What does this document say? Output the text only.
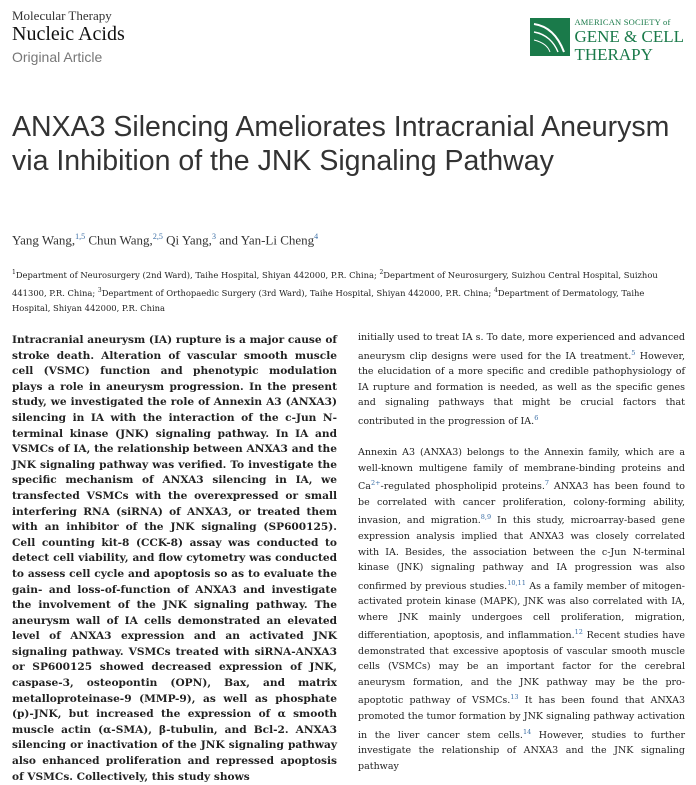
Molecular Therapy
Nucleic Acids
Original Article
AMERICAN SOCIETY of
GENE & CELL
THERAPY
ANXA3 Silencing Ameliorates Intracranial Aneurysm via Inhibition of the JNK Signaling Pathway
Yang Wang,$^{1,5}$ Chun Wang,$^{2,5}$ Qi Yang,$^3$ and Yan-Li Cheng$^4$
$^1$Department of Neurosurgery (2nd Ward), Taihe Hospital, Shiyan 442000, P.R. China; $^2$Department of Neurosurgery, Suizhou Central Hospital, Suizhou 441300, P.R. China; $^3$Department of Orthopaedic Surgery (3rd Ward), Taihe Hospital, Shiyan 442000, P.R. China; $^4$Department of Dermatology, Taihe Hospital, Shiyan 442000, P.R. China
Intracranial aneurysm (IA) rupture is a major cause of stroke death. Alteration of vascular smooth muscle cell (VSMC) function and phenotypic modulation plays a role in aneurysm progression. In the present study, we investigated the role of Annexin A3 (ANXA3) silencing in IA with the interaction of the c-Jun N-terminal kinase (JNK) signaling pathway. In IA and VSMCs of IA, the relationship between ANXA3 and the JNK signaling pathway was verified. To investigate the specific mechanism of ANXA3 silencing in IA, we transfected VSMCs with the overexpressed or small interfering RNA (siRNA) of ANXA3, or treated them with an inhibitor of the JNK signaling (SP600125). Cell counting kit-8 (CCK-8) assay was conducted to detect cell viability, and flow cytometry was conducted to assess cell cycle and apoptosis so as to evaluate the gain- and loss-of-function of ANXA3 and investigate the involvement of the JNK signaling pathway. The aneurysm wall of IA cells demonstrated an elevated level of ANXA3 expression and an activated JNK signaling pathway. VSMCs treated with siRNA-ANXA3 or SP600125 showed decreased expression of JNK, caspase-3, osteopontin (OPN), Bax, and matrix metalloproteinase-9 (MMP-9), as well as phosphate (p)-JNK, but increased the expression of α smooth muscle actin (α-SMA), β-tubulin, and Bcl-2. ANXA3 silencing or inactivation of the JNK signaling pathway also enhanced proliferation and repressed apoptosis of VSMCs. Collectively, this study shows

initially used to treat IA s. To date, more experienced and advanced aneurysm clip designs were used for the IA treatment.$^5$ However, the elucidation of a more specific and credible pathophysiology of IA rupture and formation is needed, as well as the specific genes and signaling pathways that might be crucial factors that contributed in the progression of IA.$^6$

Annexin A3 (ANXA3) belongs to the Annexin family, which are a well-known multigene family of membrane-binding proteins and $Ca^{2+}$-regulated phospholipid proteins.$^7$ ANXA3 has been found to be correlated with cancer proliferation, colony-forming ability, invasion, and migration.$^{8,9}$ In this study, microarray-based gene expression analysis implied that ANXA3 was closely correlated with IA. Besides, the association between the c-Jun N-terminal kinase (JNK) signaling pathway and IA progression was also confirmed by previous studies.$^{10,11}$ As a family member of mitogen-activated protein kinase (MAPK), JNK was also correlated with IA, where JNK mainly undergoes cell proliferation, migration, differentiation, apoptosis, and inflammation.$^{12}$ Recent studies have demonstrated that excessive apoptosis of vascular smooth muscle cells (VSMCs) may be an important factor for the cerebral aneurysm formation, and the JNK pathway may be the pro-apoptotic pathway of VSMCs.$^{13}$ It has been found that ANXA3 promoted the tumor formation by JNK signaling pathway activation in the liver cancer stem cells.$^{14}$ However, studies to further investigate the relationship of ANXA3 and the JNK signaling pathway
